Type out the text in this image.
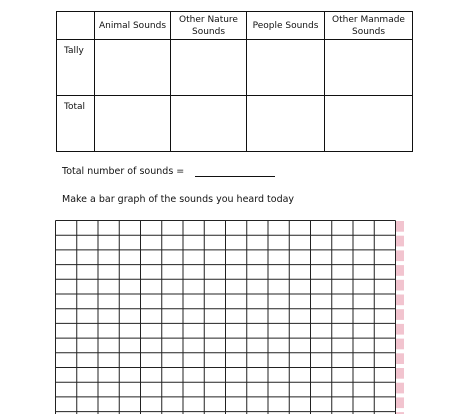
	Animal Sounds	Other Nature Sounds	People Sounds	Other Manmade Sounds
Tally				
Total				
Total number of sounds =
Make a bar graph of the sounds you heard today
